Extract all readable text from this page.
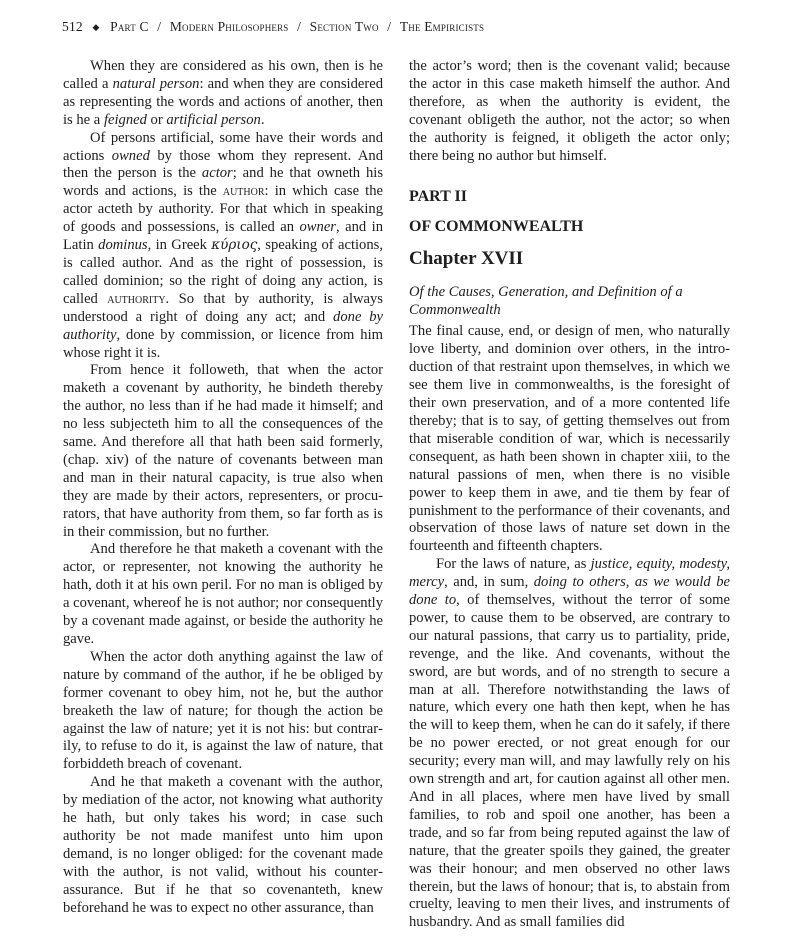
512 ◆ Part C / Modern Philosophers / Section Two / The Empiricists

When they are considered as his own, then is he called a natural person: and when they are considered as representing the words and actions of another, then is he a feigned or artificial person.

Of persons artificial, some have their words and actions owned by those whom they represent. And then the person is the actor; and he that owneth his words and actions, is the author: in which case the actor acteth by authority. For that which in speaking of goods and possessions, is called an owner, and in Latin dominus, in Greek κύριος, speaking of actions, is called author. And as the right of possession, is called dominion; so the right of doing any action, is called authority. So that by authority, is always understood a right of doing any act; and done by authority, done by commission, or licence from him whose right it is.

From hence it followeth, that when the actor maketh a covenant by authority, he bindeth thereby the author, no less than if he had made it himself; and no less subjecteth him to all the consequences of the same. And therefore all that hath been said formerly, (chap. xiv) of the nature of covenants between man and man in their natural capacity, is true also when they are made by their actors, representers, or procurators, that have authority from them, so far forth as is in their commission, but no further.

And therefore he that maketh a covenant with the actor, or representer, not knowing the authority he hath, doth it at his own peril. For no man is obliged by a covenant, whereof he is not author; nor consequently by a covenant made against, or beside the authority he gave.

When the actor doth anything against the law of nature by command of the author, if he be obliged by former covenant to obey him, not he, but the author breaketh the law of nature; for though the action be against the law of nature; yet it is not his: but contrarily, to refuse to do it, is against the law of nature, that forbiddeth breach of covenant.

And he that maketh a covenant with the author, by mediation of the actor, not knowing what authority he hath, but only takes his word; in case such authority be not made manifest unto him upon demand, is no longer obliged: for the covenant made with the author, is not valid, without his counterassurance. But if he that so covenanteth, knew beforehand he was to expect no other assurance, than

the actor’s word; then is the covenant valid; because the actor in this case maketh himself the author. And therefore, as when the authority is evident, the covenant obligeth the author, not the actor; so when the authority is feigned, it obligeth the actor only; there being no author but himself.

PART II
OF COMMONWEALTH
Chapter XVII
Of the Causes, Generation, and Definition of a Commonwealth

The final cause, end, or design of men, who naturally love liberty, and dominion over others, in the introduction of that restraint upon themselves, in which we see them live in commonwealths, is the foresight of their own preservation, and of a more contented life thereby; that is to say, of getting themselves out from that miserable condition of war, which is necessarily consequent, as hath been shown in chapter xiii, to the natural passions of men, when there is no visible power to keep them in awe, and tie them by fear of punishment to the performance of their covenants, and observation of those laws of nature set down in the fourteenth and fifteenth chapters.

For the laws of nature, as justice, equity, modesty, mercy, and, in sum, doing to others, as we would be done to, of themselves, without the terror of some power, to cause them to be observed, are contrary to our natural passions, that carry us to partiality, pride, revenge, and the like. And covenants, without the sword, are but words, and of no strength to secure a man at all. Therefore notwithstanding the laws of nature, which every one hath then kept, when he has the will to keep them, when he can do it safely, if there be no power erected, or not great enough for our security; every man will, and may lawfully rely on his own strength and art, for caution against all other men. And in all places, where men have lived by small families, to rob and spoil one another, has been a trade, and so far from being reputed against the law of nature, that the greater spoils they gained, the greater was their honour; and men observed no other laws therein, but the laws of honour; that is, to abstain from cruelty, leaving to men their lives, and instruments of husbandry. And as small families did
